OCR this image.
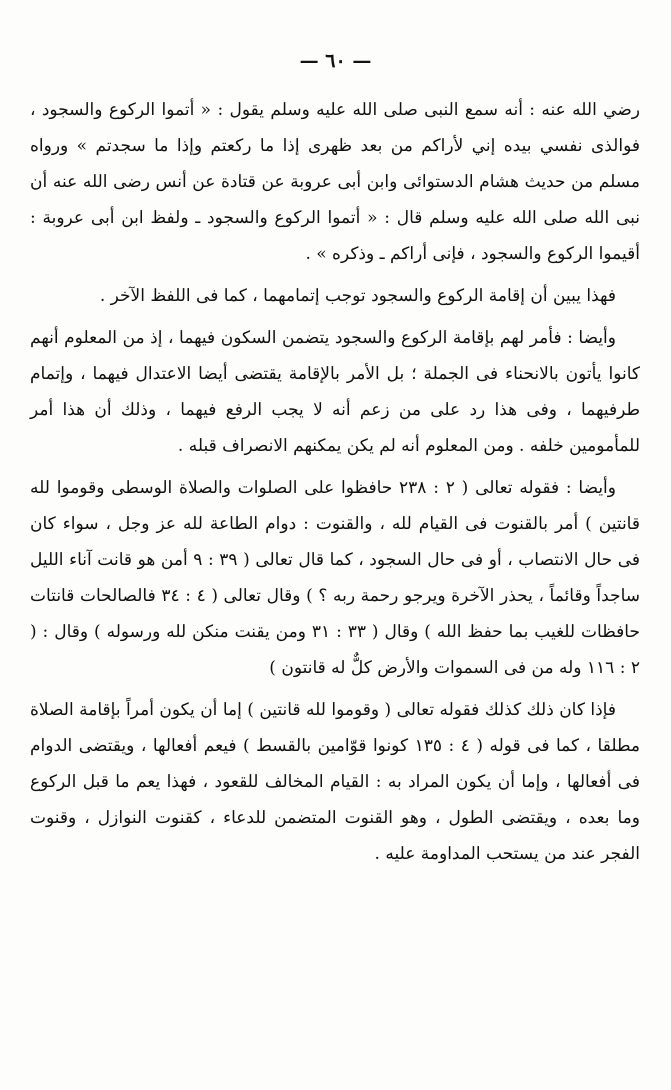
— ٦٠ —

رضي الله عنه : أنه سمع النبى صلى الله عليه وسلم يقول : « أتموا الركوع والسجود ، فوالذى نفسي بيده إني لأراكم من بعد ظهرى إذا ما ركعتم وإذا ما سجدتم » ورواه مسلم من حديث هشام الدستوائى وابن أبى عروبة عن قتادة عن أنس رضى الله عنه أن نبى الله صلى الله عليه وسلم قال : « أتموا الركوع والسجود ـ ولفظ ابن أبى عروبة : أقيموا الركوع والسجود ، فإنى أراكم ـ وذكره » .

فهذا يبين أن إقامة الركوع والسجود توجب إتمامهما ، كما فى اللفظ الآخر .

وأيضا : فأمر لهم بإقامة الركوع والسجود يتضمن السكون فيهما ، إذ من المعلوم أنهم كانوا يأتون بالانحناء فى الجملة ؛ بل الأمر بالإقامة يقتضى أيضا الاعتدال فيهما ، وإتمام طرفيهما ، وفى هذا رد على من زعم أنه لا يجب الرفع فيهما ، وذلك أن هذا أمر للمأمومين خلفه . ومن المعلوم أنه لم يكن يمكنهم الانصراف قبله .

وأيضا : فقوله تعالى ( ٢ : ٢٣٨ حافظوا على الصلوات والصلاة الوسطى وقوموا لله قانتين ) أمر بالقنوت فى القيام لله ، والقنوت : دوام الطاعة لله عز وجل ، سواء كان فى حال الانتصاب ، أو فى حال السجود ، كما قال تعالى ( ٣٩ : ٩ أمن هو قانت آناء الليل ساجداً وقائماً ، يحذر الآخرة ويرجو رحمة ربه ؟ ) وقال تعالى ( ٤ : ٣٤ فالصالحات قانتات حافظات للغيب بما حفظ الله ) وقال ( ٣٣ : ٣١ ومن يقنت منكن لله ورسوله ) وقال : ( ٢ : ١١٦ وله من فى السموات والأرض كلٌّ له قانتون )

فإذا كان ذلك كذلك فقوله تعالى ( وقوموا لله قانتين ) إما أن يكون أمراً بإقامة الصلاة مطلقا ، كما فى قوله ( ٤ : ١٣٥ كونوا قوّامين بالقسط ) فيعم أفعالها ، ويقتضى الدوام فى أفعالها ، وإما أن يكون المراد به : القيام المخالف للقعود ، فهذا يعم ما قبل الركوع وما بعده ، ويقتضى الطول ، وهو القنوت المتضمن للدعاء ، كقنوت النوازل ، وقنوت الفجر عند من يستحب المداومة عليه .
